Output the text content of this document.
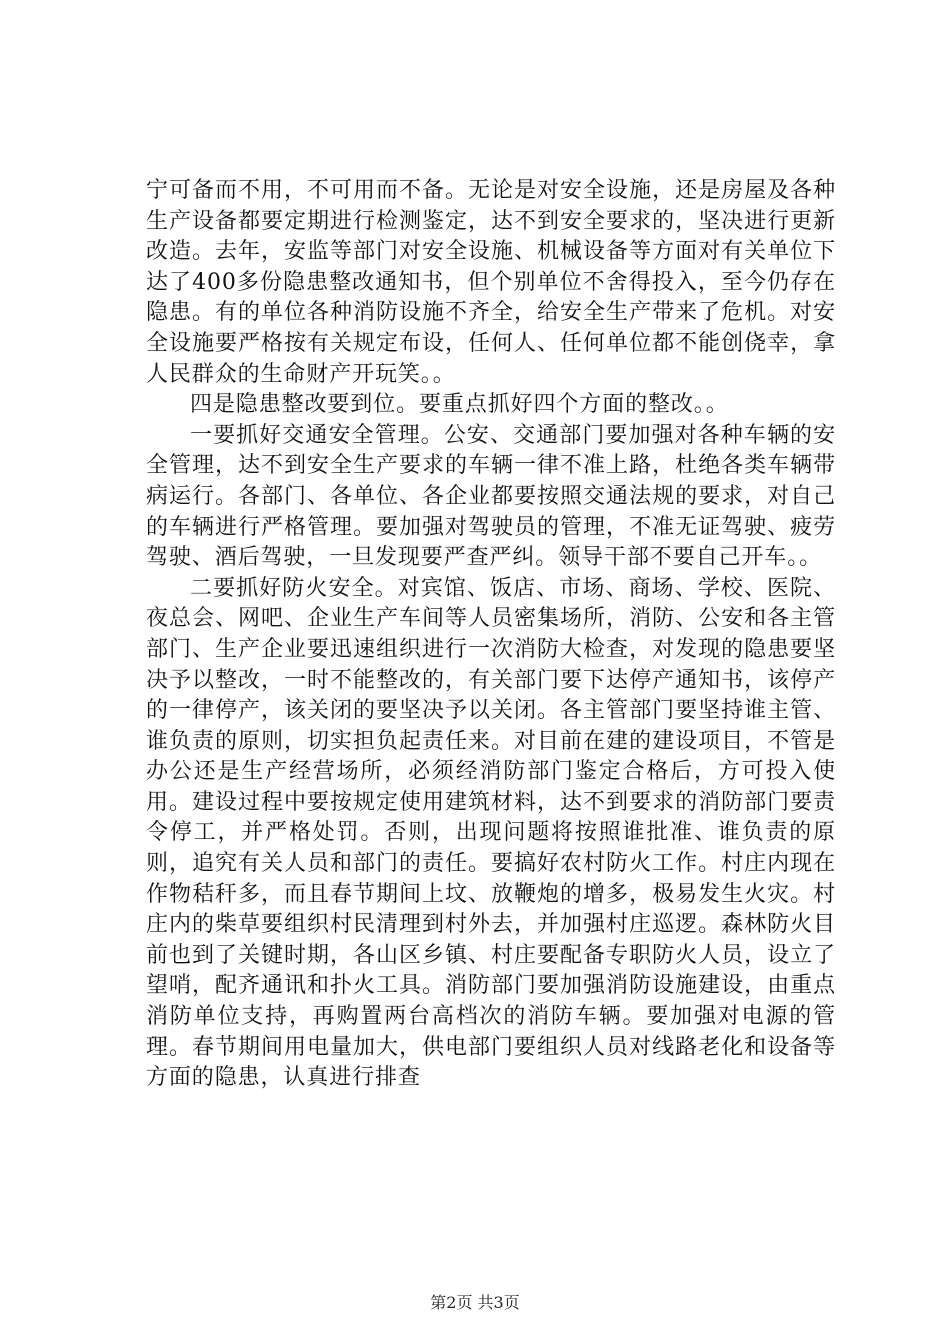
宁可备而不用，不可用而不备。无论是对安全设施，还是房屋及各种生产设备都要定期进行检测鉴定，达不到安全要求的，坚决进行更新改造。去年，安监等部门对安全设施、机械设备等方面对有关单位下达了400多份隐患整改通知书，但个别单位不舍得投入，至今仍存在隐患。有的单位各种消防设施不齐全，给安全生产带来了危机。对安全设施要严格按有关规定布设，任何人、任何单位都不能创侥幸，拿人民群众的生命财产开玩笑。。

四是隐患整改要到位。要重点抓好四个方面的整改。。

一要抓好交通安全管理。公安、交通部门要加强对各种车辆的安全管理，达不到安全生产要求的车辆一律不准上路，杜绝各类车辆带病运行。各部门、各单位、各企业都要按照交通法规的要求，对自己的车辆进行严格管理。要加强对驾驶员的管理，不准无证驾驶、疲劳驾驶、酒后驾驶，一旦发现要严查严纠。领导干部不要自己开车。。

二要抓好防火安全。对宾馆、饭店、市场、商场、学校、医院、夜总会、网吧、企业生产车间等人员密集场所，消防、公安和各主管部门、生产企业要迅速组织进行一次消防大检查，对发现的隐患要坚决予以整改，一时不能整改的，有关部门要下达停产通知书，该停产的一律停产，该关闭的要坚决予以关闭。各主管部门要坚持谁主管、谁负责的原则，切实担负起责任来。对目前在建的建设项目，不管是办公还是生产经营场所，必须经消防部门鉴定合格后，方可投入使用。建设过程中要按规定使用建筑材料，达不到要求的消防部门要责令停工，并严格处罚。否则，出现问题将按照谁批准、谁负责的原则，追究有关人员和部门的责任。要搞好农村防火工作。村庄内现在作物秸秆多，而且春节期间上坟、放鞭炮的增多，极易发生火灾。村庄内的柴草要组织村民清理到村外去，并加强村庄巡逻。森林防火目前也到了关键时期，各山区乡镇、村庄要配备专职防火人员，设立了望哨，配齐通讯和扑火工具。消防部门要加强消防设施建设，由重点消防单位支持，再购置两台高档次的消防车辆。要加强对电源的管理。春节期间用电量加大，供电部门要组织人员对线路老化和设备等方面的隐患，认真进行排查

第2页 共3页
